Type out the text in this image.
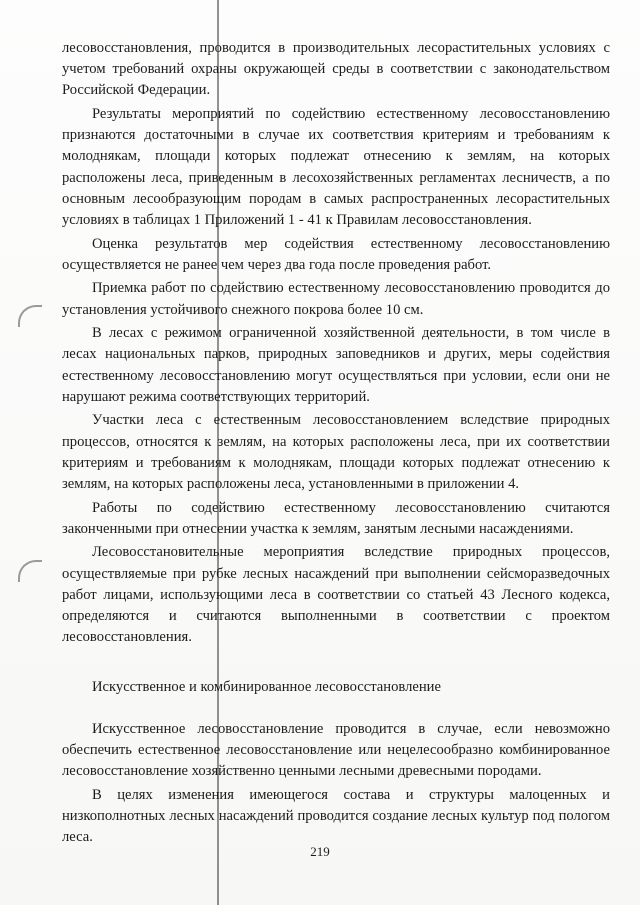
лесовосстановления, проводится в производительных лесорастительных условиях с учетом требований охраны окружающей среды в соответствии с законодательством Российской Федерации.

Результаты мероприятий по содействию естественному лесовосстановлению признаются достаточными в случае их соответствия критериям и требованиям к молоднякам, площади которых подлежат отнесению к землям, на которых расположены леса, приведенным в лесохозяйственных регламентах лесничеств, а по основным лесообразующим породам в самых распространенных лесорастительных условиях в таблицах 1 Приложений 1 - 41 к Правилам лесовосстановления.

Оценка результатов мер содействия естественному лесовосстановлению осуществляется не ранее чем через два года после проведения работ.

Приемка работ по содействию естественному лесовосстановлению проводится до установления устойчивого снежного покрова более 10 см.

В лесах с режимом ограниченной хозяйственной деятельности, в том числе в лесах национальных парков, природных заповедников и других, меры содействия естественному лесовосстановлению могут осуществляться при условии, если они не нарушают режима соответствующих территорий.

Участки леса с естественным лесовосстановлением вследствие природных процессов, относятся к землям, на которых расположены леса, при их соответствии критериям и требованиям к молоднякам, площади которых подлежат отнесению к землям, на которых расположены леса, установленными в приложении 4.

Работы по содействию естественному лесовосстановлению считаются законченными при отнесении участка к землям, занятым лесными насаждениями.

Лесовосстановительные мероприятия вследствие природных процессов, осуществляемые при рубке лесных насаждений при выполнении сейсморазведочных работ лицами, использующими леса в соответствии со статьей 43 Лесного кодекса, определяются и считаются выполненными в соответствии с проектом лесовосстановления.

Искусственное и комбинированное лесовосстановление

Искусственное лесовосстановление проводится в случае, если невозможно обеспечить естественное лесовосстановление или нецелесообразно комбинированное лесовосстановление хозяйственно ценными лесными древесными породами.

В целях изменения имеющегося состава и структуры малоценных и низкополнотных лесных насаждений проводится создание лесных культур под пологом леса.

219
